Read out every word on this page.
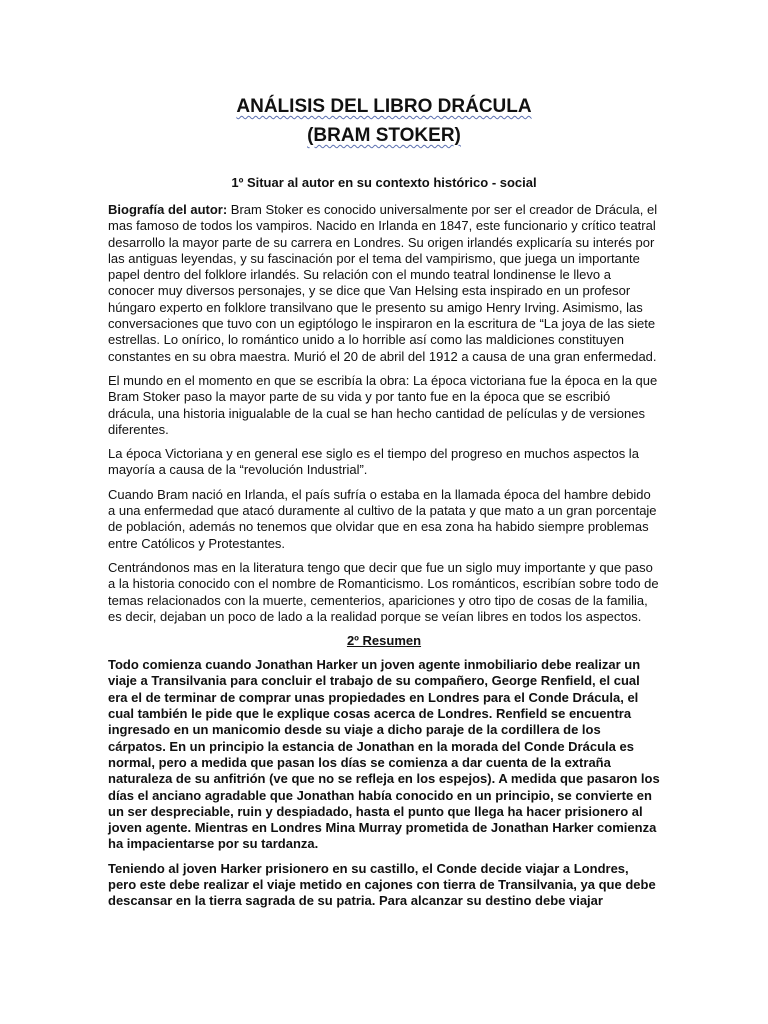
ANÁLISIS DEL LIBRO DRÁCULA
(BRAM STOKER)
1º Situar al autor en su contexto histórico - social

Biografía del autor: Bram Stoker es conocido universalmente por ser el creador de Drácula, el mas famoso de todos los vampiros. Nacido en Irlanda en 1847, este funcionario y crítico teatral desarrollo la mayor parte de su carrera en Londres. Su origen irlandés explicaría su interés por las antiguas leyendas, y su fascinación por el tema del vampirismo, que juega un importante papel dentro del folklore irlandés. Su relación con el mundo teatral londinense le llevo a conocer muy diversos personajes, y se dice que Van Helsing esta inspirado en un profesor húngaro experto en folklore transilvano que le presento su amigo Henry Irving. Asimismo, las conversaciones que tuvo con un egiptólogo le inspiraron en la escritura de “La joya de las siete estrellas. Lo onírico, lo romántico unido a lo horrible así como las maldiciones constituyen constantes en su obra maestra. Murió el 20 de abril del 1912 a causa de una gran enfermedad.

El mundo en el momento en que se escribía la obra: La época victoriana fue la época en la que Bram Stoker paso la mayor parte de su vida y por tanto fue en la época que se escribió drácula, una historia inigualable de la cual se han hecho cantidad de películas y de versiones diferentes.

La época Victoriana y en general ese siglo es el tiempo del progreso en muchos aspectos la mayoría a causa de la “revolución Industrial”.

Cuando Bram nació en Irlanda, el país sufría o estaba en la llamada época del hambre debido a una enfermedad que atacó duramente al cultivo de la patata y que mato a un gran porcentaje de población, además no tenemos que olvidar que en esa zona ha habido siempre problemas entre Católicos y Protestantes.

Centrándonos mas en la literatura tengo que decir que fue un siglo muy importante y que paso a la historia conocido con el nombre de Romanticismo. Los románticos, escribían sobre todo de temas relacionados con la muerte, cementerios, apariciones y otro tipo de cosas de la familia, es decir, dejaban un poco de lado a la realidad porque se veían libres en todos los aspectos.

2º Resumen

Todo comienza cuando Jonathan Harker un joven agente inmobiliario debe realizar un viaje a Transilvania para concluir el trabajo de su compañero, George Renfield, el cual era el de terminar de comprar unas propiedades en Londres para el Conde Drácula, el cual también le pide que le explique cosas acerca de Londres. Renfield se encuentra ingresado en un manicomio desde su viaje a dicho paraje de la cordillera de los cárpatos. En un principio la estancia de Jonathan en la morada del Conde Drácula es normal, pero a medida que pasan los días se comienza a dar cuenta de la extraña naturaleza de su anfitrión (ve que no se refleja en los espejos). A medida que pasaron los días el anciano agradable que Jonathan había conocido en un principio, se convierte en un ser despreciable, ruin y despiadado, hasta el punto que llega ha hacer prisionero al joven agente. Mientras en Londres Mina Murray prometida de Jonathan Harker comienza ha impacientarse por su tardanza.

Teniendo al joven Harker prisionero en su castillo, el Conde decide viajar a Londres, pero este debe realizar el viaje metido en cajones con tierra de Transilvania, ya que debe descansar en la tierra sagrada de su patria. Para alcanzar su destino debe viajar
